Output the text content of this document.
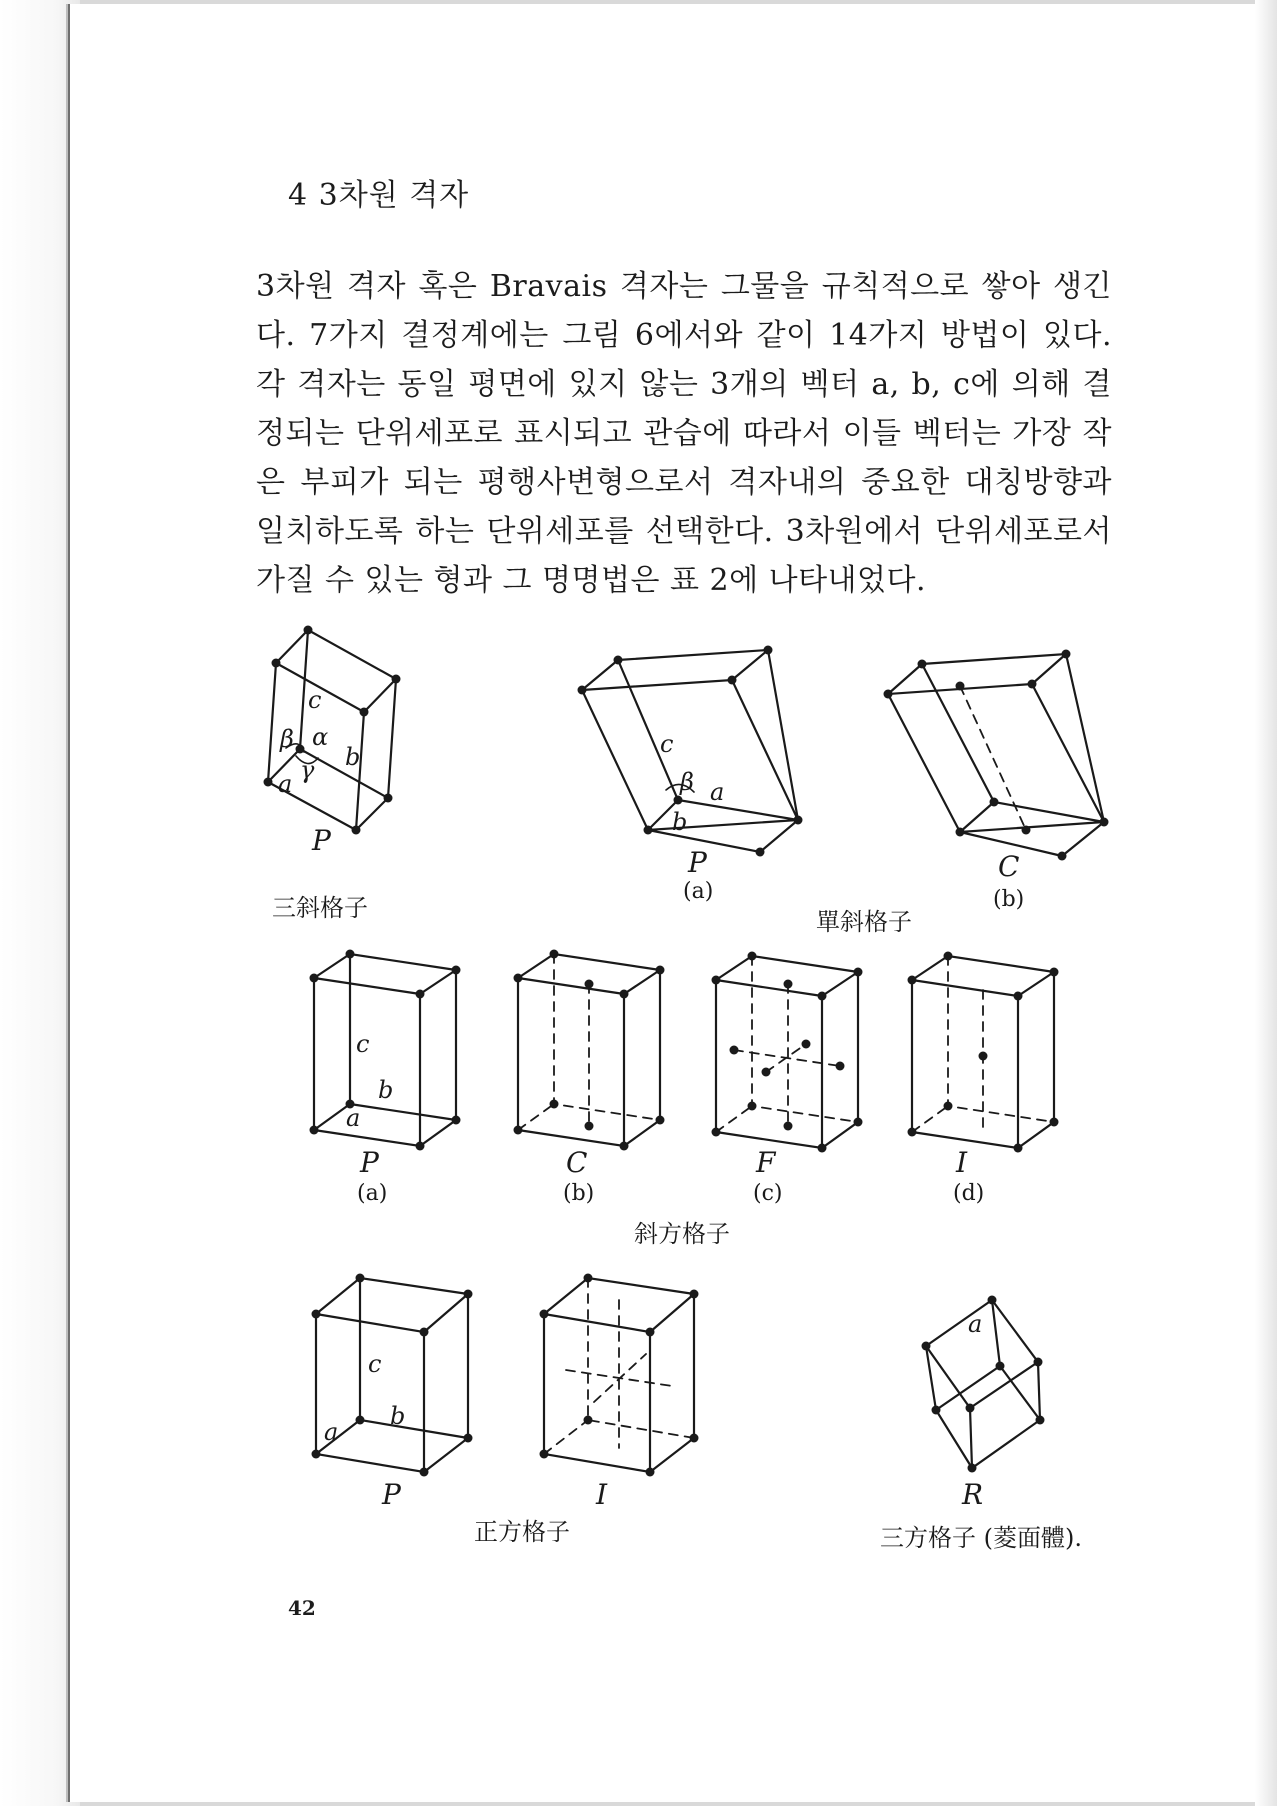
4 3차원 격자
3차원 격자 혹은 Bravais 격자는 그물을 규칙적으로 쌓아 생긴다. 7가지 결정계에는 그림 6에서와 같이 14가지 방법이 있다. 각 격자는 동일 평면에 있지 않는 3개의 벡터 a, b, c에 의해 결정되는 단위세포로 표시되고 관습에 따라서 이들 벡터는 가장 작은 부피가 되는 평행사변형으로서 격자내의 중요한 대칭방향과 일치하도록 하는 단위세포를 선택한다. 3차원에서 단위세포로서 가질 수 있는 형과 그 명명법은 표 2에 나타내었다.
c
b
a
β α
γ
P
三斜格子
c
β a
b
P
(a)
C
(b)
單斜格子
c
b
a
P
(a)
C
(b)
F
(c)
I
(d)
斜方格子
c
b
a
P	I
正方格子
a
R
三方格子 (菱面體).
42
